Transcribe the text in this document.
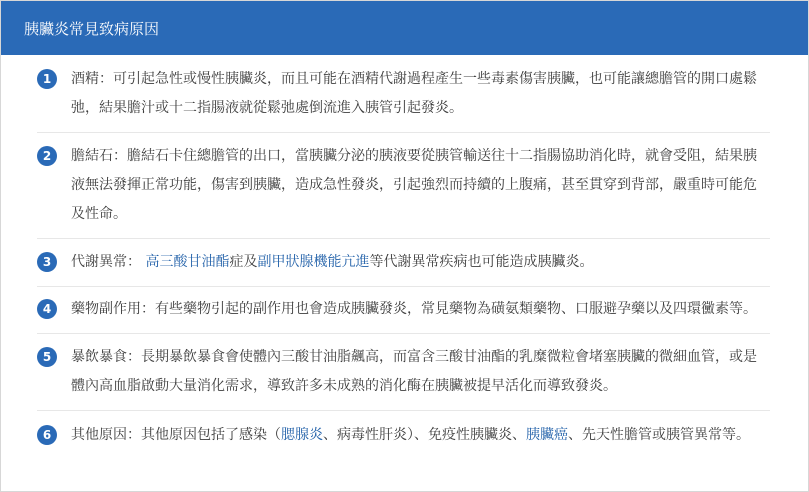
胰臟炎常見致病原因
1	酒精：可引起急性或慢性胰臟炎，而且可能在酒精代謝過程產生一些毒素傷害胰臟，也可能讓總膽管的開口處鬆弛，結果膽汁或十二指腸液就從鬆弛處倒流進入胰管引起發炎。
2	膽結石：膽結石卡住總膽管的出口，當胰臟分泌的胰液要從胰管輸送往十二指腸協助消化時，就會受阻，結果胰液無法發揮正常功能，傷害到胰臟，造成急性發炎，引起強烈而持續的上腹痛，甚至貫穿到背部，嚴重時可能危及性命。
3	代謝異常： 高三酸甘油酯症及副甲狀腺機能亢進等代謝異常疾病也可能造成胰臟炎。
4	藥物副作用：有些藥物引起的副作用也會造成胰臟發炎，常見藥物為磺氨類藥物、口服避孕藥以及四環黴素等。
5	暴飲暴食：長期暴飲暴食會使體內三酸甘油脂飆高，而富含三酸甘油酯的乳糜微粒會堵塞胰臟的微細血管，或是體內高血脂啟動大量消化需求，導致許多未成熟的消化酶在胰臟被提早活化而導致發炎。
6	其他原因：其他原因包括了感染（腮腺炎、病毒性肝炎）、免疫性胰臟炎、胰臟癌、先天性膽管或胰管異常等。
